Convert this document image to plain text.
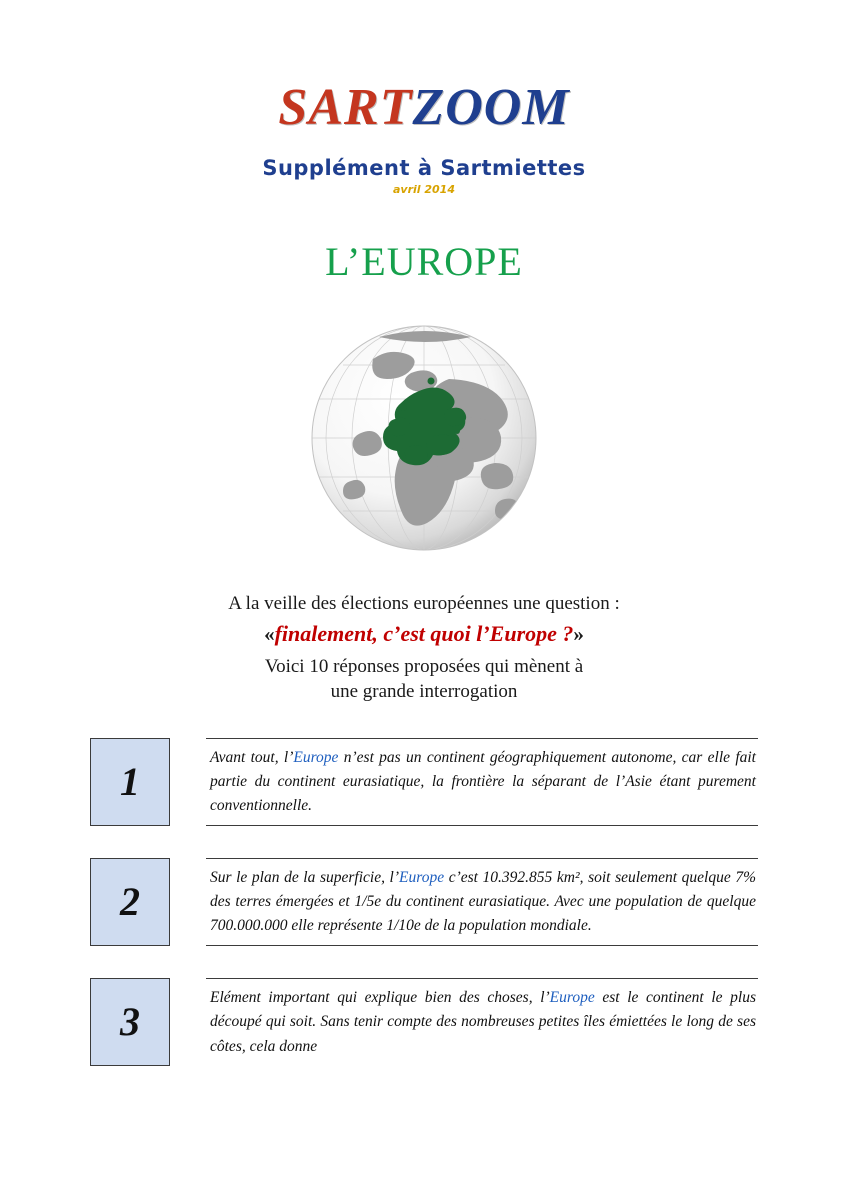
SARTZOOM
Supplément à Sartmiettes
avril 2014
L’EUROPE
A la veille des élections européennes une question :
«finalement, c’est quoi l’Europe ?»
Voici 10 réponses proposées qui mènent à
une grande interrogation
1

Avant tout, l’Europe n’est pas un continent géographiquement autonome, car elle fait partie du continent eurasiatique, la frontière la séparant de l’Asie étant purement conventionnelle.

2

Sur le plan de la superficie, l’Europe c’est 10.392.855 km², soit seulement quelque 7% des terres émergées et 1/5e du continent eurasiatique. Avec une population de quelque 700.000.000 elle représente 1/10e de la population mondiale.

3

Elément important qui explique bien des choses, l’Europe est le continent le plus découpé qui soit. Sans tenir compte des nombreuses petites îles émiettées le long de ses côtes, cela donne
